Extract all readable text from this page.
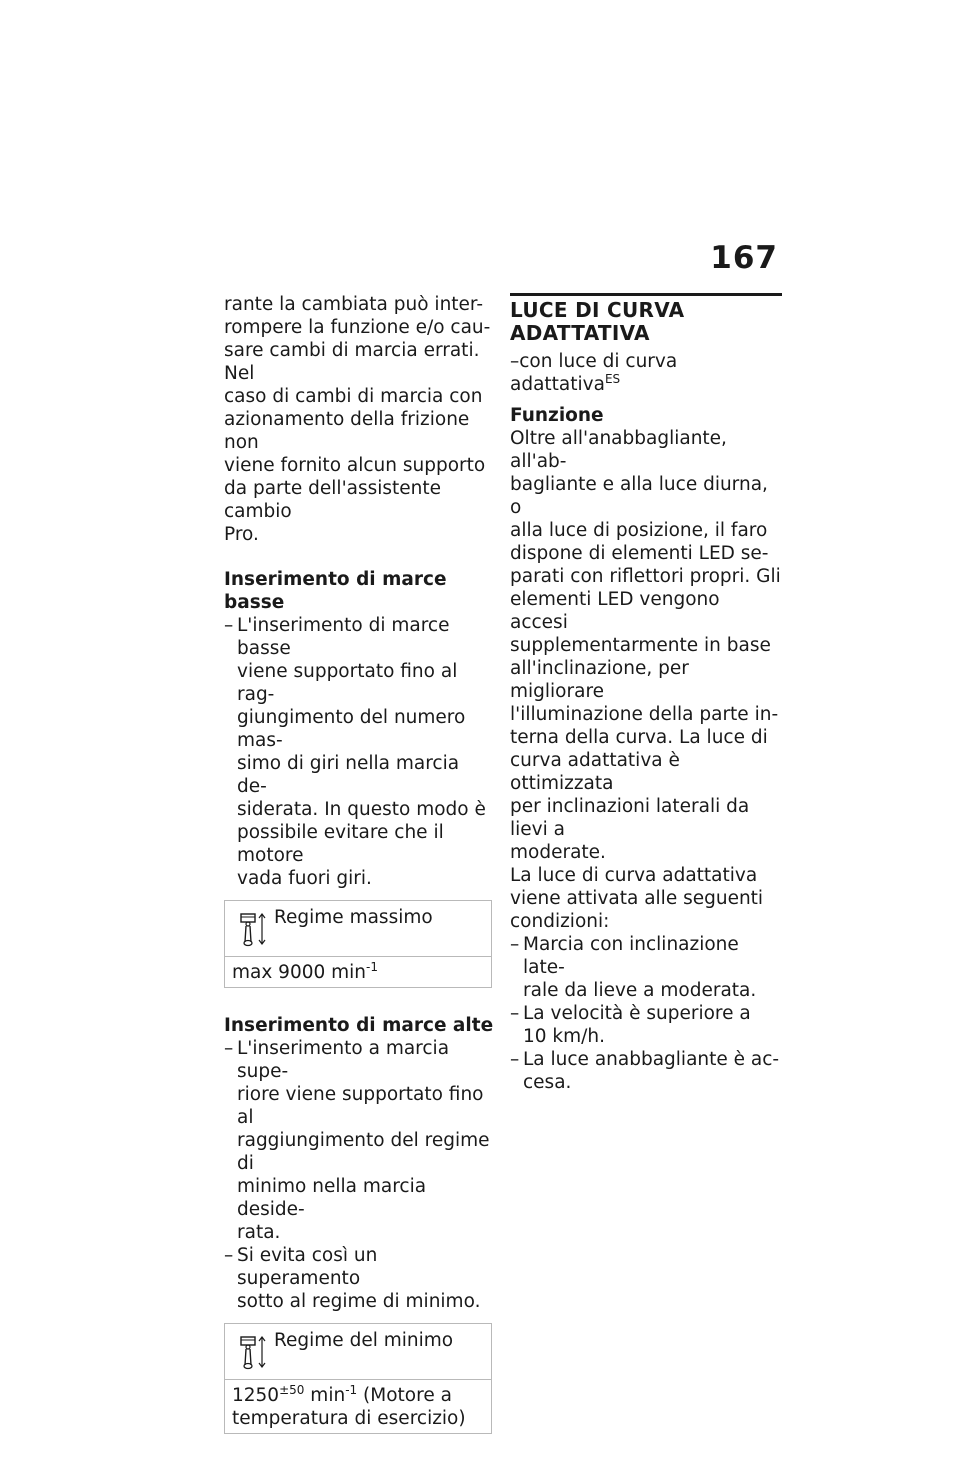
167

rante la cambiata può inter-

rompere la funzione e/o cau-

sare cambi di marcia errati. Nel

caso di cambi di marcia con

azionamento della frizione non

viene fornito alcun supporto

da parte dell'assistente cambio

Pro.

Inserimento di marce basse

– L'inserimento di marce basse
viene supportato fino al rag-
giungimento del numero mas-
simo di giri nella marcia de-
siderata. In questo modo è
possibile evitare che il motore
vada fuori giri.
Regime massimo
max 9000 $\min^{-1}$

Inserimento di marce alte

– L'inserimento a marcia supe-
riore viene supportato fino al
raggiungimento del regime di
minimo nella marcia deside-
rata.
– Si evita così un superamento
sotto al regime di minimo.
Regime del minimo
$1250^{\pm 50}$ $\min^{-1}$ (Motore a
temperatura di esercizio)
LUCE DI CURVA ADATTATIVA

–con luce di curva adattativa$^{ES}$

Funzione

Oltre all'anabbagliante, all'ab-

bagliante e alla luce diurna, o

alla luce di posizione, il faro

dispone di elementi LED se-

parati con riflettori propri. Gli

elementi LED vengono accesi

supplementarmente in base

all'inclinazione, per migliorare

l'illuminazione della parte in-

terna della curva. La luce di

curva adattativa è ottimizzata

per inclinazioni laterali da lievi a

moderate.

La luce di curva adattativa

viene attivata alle seguenti

condizioni:

– Marcia con inclinazione late-
rale da lieve a moderata.
– La velocità è superiore a
10 km/h.
– La luce anabbagliante è ac-
cesa.
